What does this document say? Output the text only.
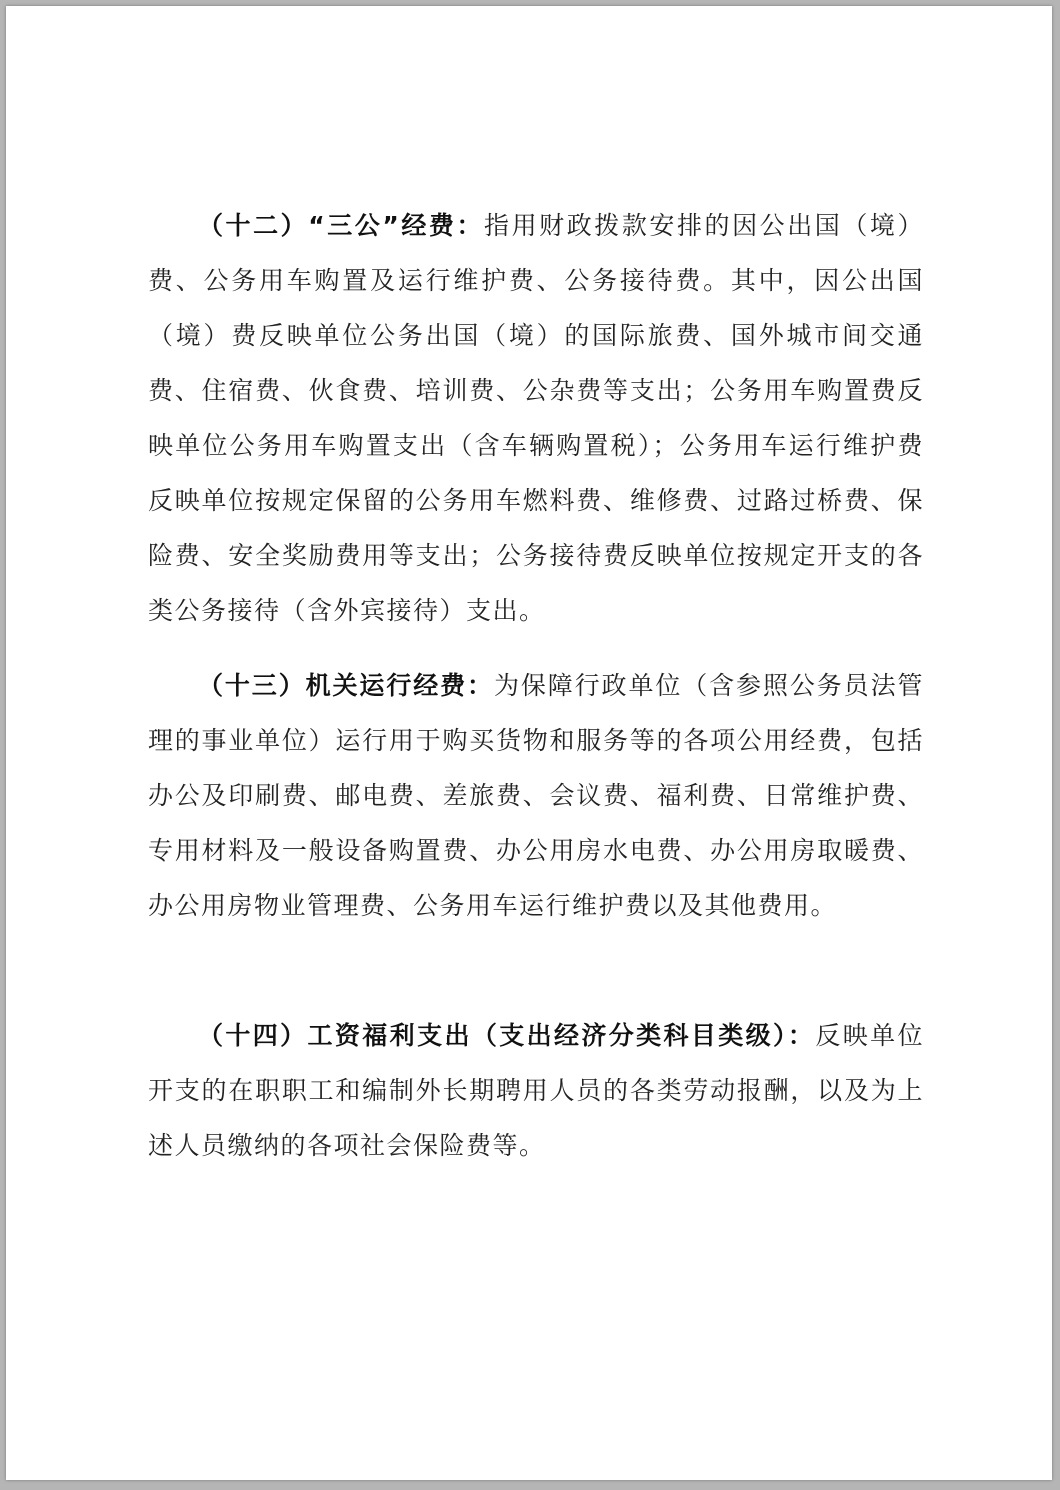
（十二）“三公”经费：指用财政拨款安排的因公出国（境）费、公务用车购置及运行维护费、公务接待费。其中，因公出国（境）费反映单位公务出国（境）的国际旅费、国外城市间交通费、住宿费、伙食费、培训费、公杂费等支出；公务用车购置费反映单位公务用车购置支出（含车辆购置税）；公务用车运行维护费反映单位按规定保留的公务用车燃料费、维修费、过路过桥费、保险费、安全奖励费用等支出；公务接待费反映单位按规定开支的各类公务接待（含外宾接待）支出。

（十三）机关运行经费：为保障行政单位（含参照公务员法管理的事业单位）运行用于购买货物和服务等的各项公用经费，包括办公及印刷费、邮电费、差旅费、会议费、福利费、日常维护费、专用材料及一般设备购置费、办公用房水电费、办公用房取暖费、办公用房物业管理费、公务用车运行维护费以及其他费用。

（十四）工资福利支出（支出经济分类科目类级）：反映单位开支的在职职工和编制外长期聘用人员的各类劳动报酬，以及为上述人员缴纳的各项社会保险费等。
